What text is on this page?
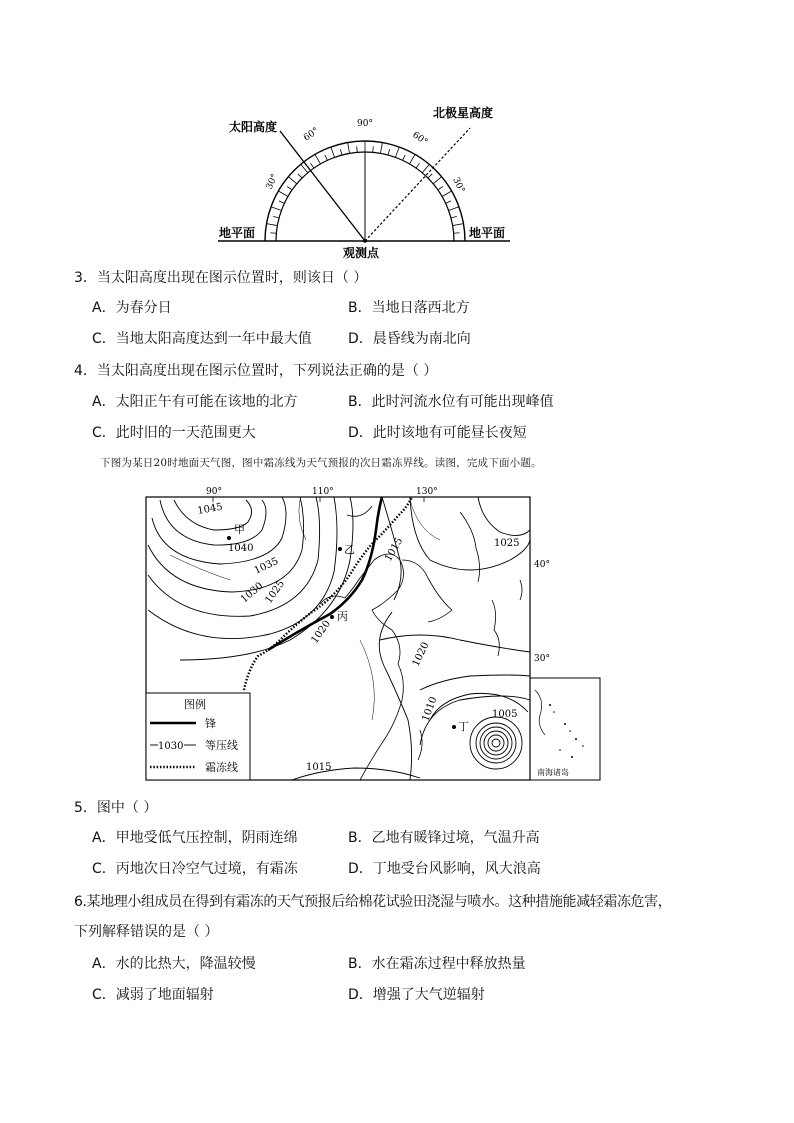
太阳高度
北极星高度
地平面	地平面
观测点
90°
60°
30°
60°
30°
3．当太阳高度出现在图示位置时，则该日（ ）
A．为春分日	B．当地日落西北方
C．当地太阳高度达到一年中最大值	D．晨昏线为南北向
4．当太阳高度出现在图示位置时，下列说法正确的是（ ）
A．太阳正午有可能在该地的北方	B．此时河流水位有可能出现峰值
C．此时旧的一天范围更大	D．此时该地有可能昼长夜短
下图为某日20时地面天气图，图中霜冻线为天气预报的次日霜冻界线。读图，完成下面小题。
南海诸岛
90°	110°	130°
40°
30°
1045
1040
1035
1030
1025
1020
1015	1025
1020
1010	1005
1015
甲
乙
丙
丁
图例
锋
1030 等压线
霜冻线
5．图中（ ）
A．甲地受低气压控制，阴雨连绵	B．乙地有暖锋过境，气温升高
C．丙地次日冷空气过境，有霜冻	D．丁地受台风影响，风大浪高
6.某地理小组成员在得到有霜冻的天气预报后给棉花试验田浇湿与喷水。这种措施能减轻霜冻危害，
下列解释错误的是（ ）
A．水的比热大，降温较慢	B．水在霜冻过程中释放热量
C．减弱了地面辐射	D．增强了大气逆辐射
